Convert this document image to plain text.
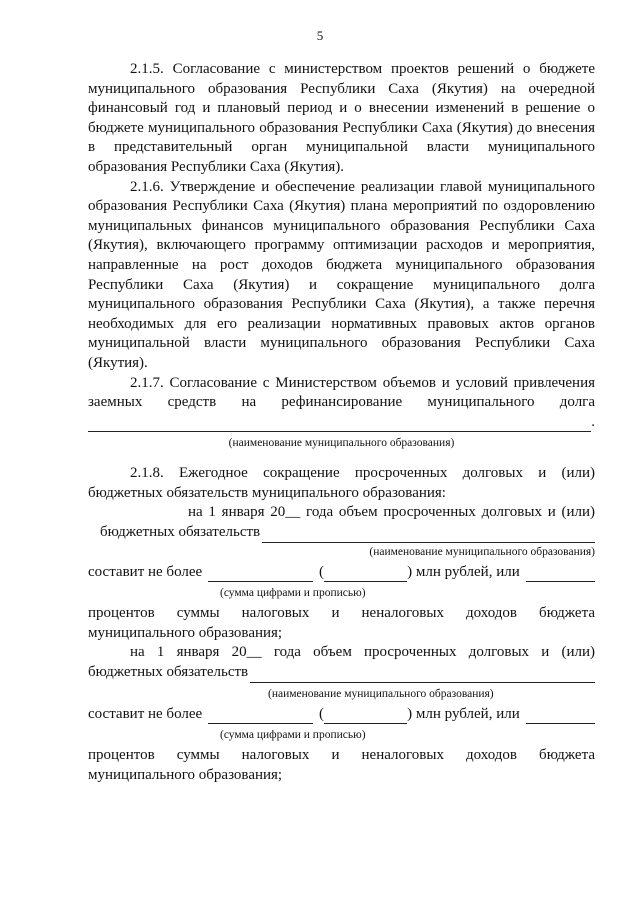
5

2.1.5. Согласование с министерством проектов решений о бюджете муниципального образования Республики Саха (Якутия) на очередной финансовый год и плановый период и о внесении изменений в решение о бюджете муниципального образования Республики Саха (Якутия) до внесения в представительный орган муниципальной власти муниципального образования Республики Саха (Якутия).

2.1.6. Утверждение и обеспечение реализации главой муниципального образования Республики Саха (Якутия) плана мероприятий по оздоровлению муниципальных финансов муниципального образования Республики Саха (Якутия), включающего программу оптимизации расходов и мероприятия, направленные на рост доходов бюджета муниципального образования Республики Саха (Якутия) и сокращение муниципального долга муниципального образования Республики Саха (Якутия), а также перечня необходимых для его реализации нормативных правовых актов органов муниципальной власти муниципального образования Республики Саха (Якутия).

2.1.7. Согласование с Министерством объемов и условий привлечения заемных средств на рефинансирование муниципального долга

.

(наименование муниципального образования)

2.1.8. Ежегодное сокращение просроченных долговых и (или) бюджетных обязательств муниципального образования:

на 1 января 20__ года объем просроченных долговых и (или)

бюджетных обязательств

(наименование муниципального образования)

составит не более	(	) млн рублей, или

(сумма цифрами и прописью)

процентов суммы налоговых и неналоговых доходов бюджета

муниципального образования;

на 1 января 20__ года объем просроченных долговых и (или)

бюджетных обязательств

(наименование муниципального образования)

составит не более	(	) млн рублей, или

(сумма цифрами и прописью)

процентов суммы налоговых и неналоговых доходов бюджета

муниципального образования;
